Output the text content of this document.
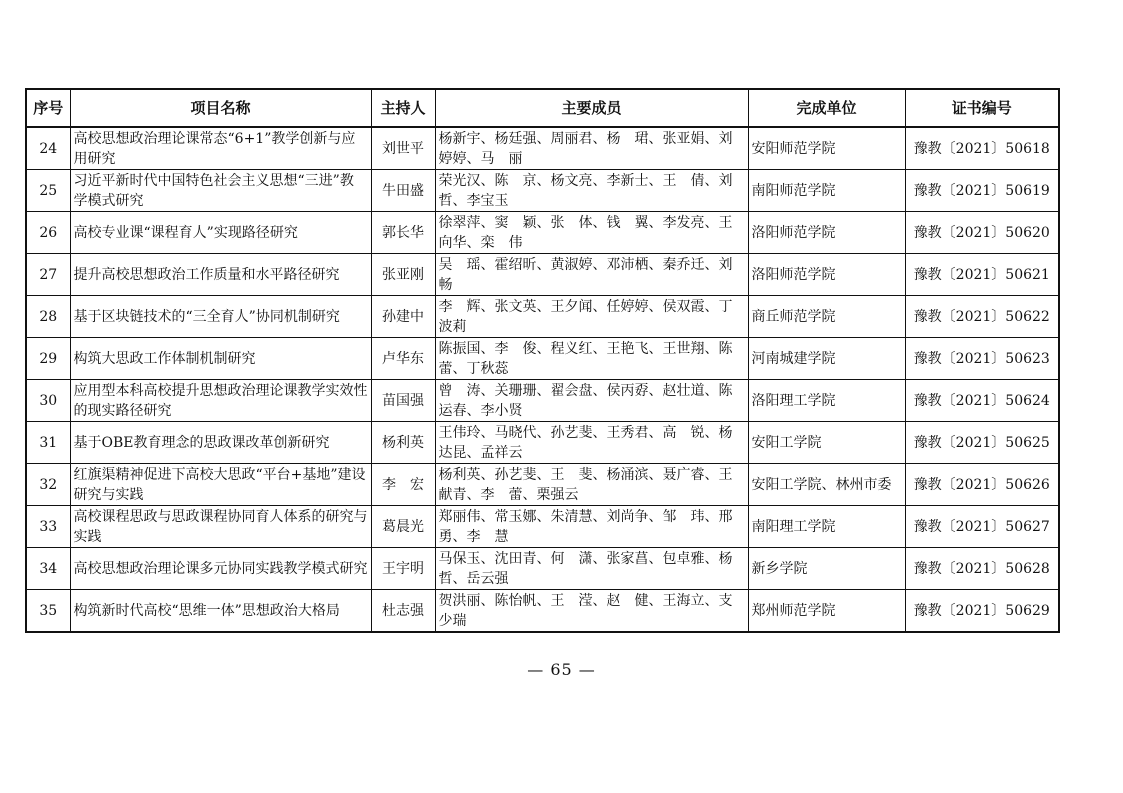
序号	项目名称	主持人	主要成员	完成单位	证书编号
24	高校思想政治理论课常态“6+1”教学创新与应用研究	刘世平	杨新宇、杨廷强、周丽君、杨　珺、张亚娟、刘婷婷、马　丽	安阳师范学院	豫教〔2021〕50618
25	习近平新时代中国特色社会主义思想“三进”教学模式研究	牛田盛	荣光汉、陈　京、杨文亮、李新士、王　倩、刘　哲、李宝玉	南阳师范学院	豫教〔2021〕50619
26	高校专业课“课程育人”实现路径研究	郭长华	徐翠萍、窦　颖、张　体、钱　翼、李发亮、王向华、栾　伟	洛阳师范学院	豫教〔2021〕50620
27	提升高校思想政治工作质量和水平路径研究	张亚刚	吴　瑶、霍绍昕、黄淑婷、邓沛栖、秦乔迁、刘　畅	洛阳师范学院	豫教〔2021〕50621
28	基于区块链技术的“三全育人”协同机制研究	孙建中	李　辉、张文英、王夕闻、任婷婷、侯双霞、丁波莉	商丘师范学院	豫教〔2021〕50622
29	构筑大思政工作体制机制研究	卢华东	陈振国、李　俊、程义红、王艳飞、王世翔、陈　蕾、丁秋蕊	河南城建学院	豫教〔2021〕50623
30	应用型本科高校提升思想政治理论课教学实效性的现实路径研究	苗国强	曾　涛、关珊珊、翟会盘、侯丙孬、赵壮道、陈运春、李小贤	洛阳理工学院	豫教〔2021〕50624
31	基于OBE教育理念的思政课改革创新研究	杨利英	王伟玲、马晓代、孙艺斐、王秀君、高　锐、杨达昆、孟祥云	安阳工学院	豫教〔2021〕50625
32	红旗渠精神促进下高校大思政“平台+基地”建设研究与实践	李　宏	杨利英、孙艺斐、王　斐、杨涌滨、聂广睿、王献青、李　蕾、栗强云	安阳工学院、林州市委	豫教〔2021〕50626
33	高校课程思政与思政课程协同育人体系的研究与实践	葛晨光	郑丽伟、常玉娜、朱清慧、刘尚争、邹　玮、邢　勇、李　慧	南阳理工学院	豫教〔2021〕50627
34	高校思想政治理论课多元协同实践教学模式研究	王宇明	马保玉、沈田青、何　潇、张家菖、包卓雅、杨　哲、岳云强	新乡学院	豫教〔2021〕50628
35	构筑新时代高校“思维一体”思想政治大格局	杜志强	贺洪丽、陈怡帆、王　滢、赵　健、王海立、支少瑞	郑州师范学院	豫教〔2021〕50629
— 65 —
